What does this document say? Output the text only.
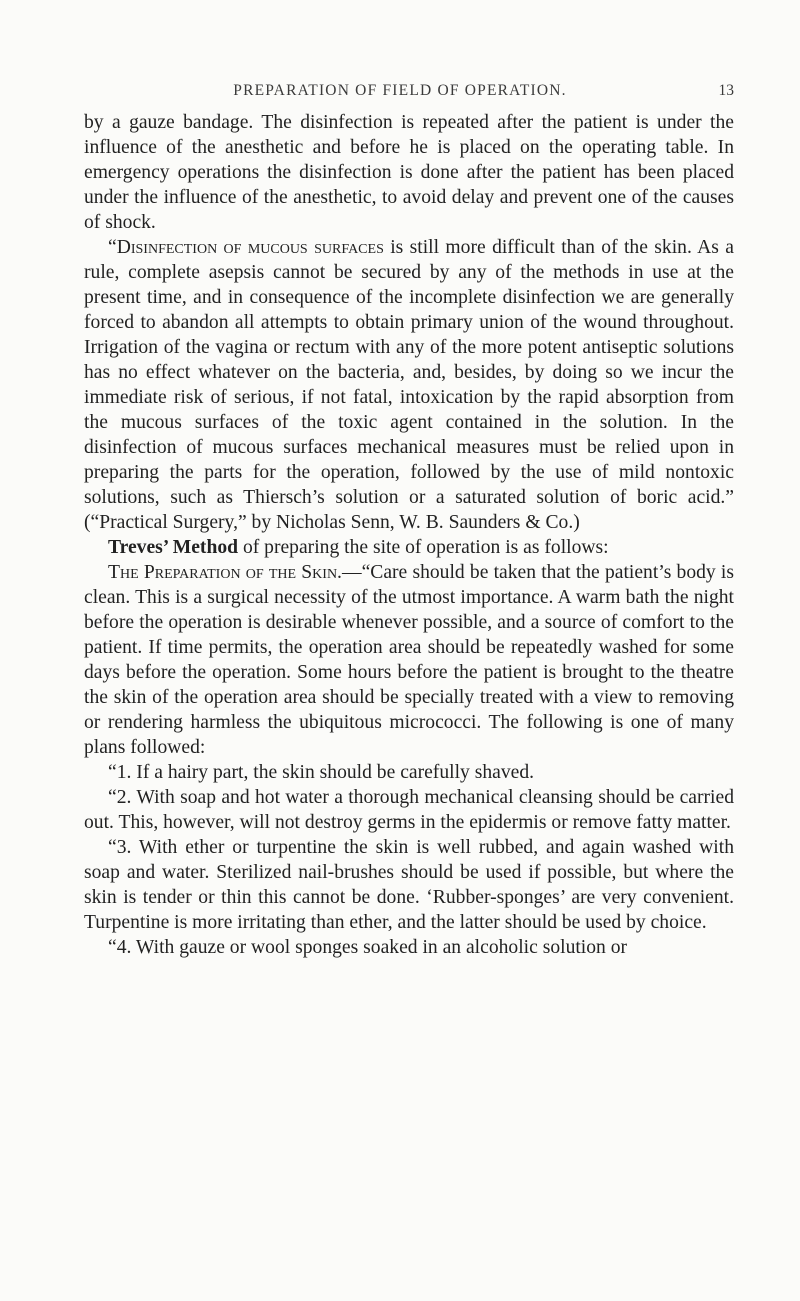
PREPARATION OF FIELD OF OPERATION.	13

by a gauze bandage. The disinfection is repeated after the patient is under the influence of the anesthetic and before he is placed on the operating table. In emergency operations the disinfection is done after the patient has been placed under the influence of the anesthetic, to avoid delay and prevent one of the causes of shock.

“Disinfection of mucous surfaces is still more difficult than of the skin. As a rule, complete asepsis cannot be secured by any of the methods in use at the present time, and in consequence of the incomplete disinfection we are generally forced to abandon all attempts to obtain primary union of the wound throughout. Irrigation of the vagina or rectum with any of the more potent antiseptic solutions has no effect whatever on the bacteria, and, besides, by doing so we incur the immediate risk of serious, if not fatal, intoxication by the rapid absorption from the mucous surfaces of the toxic agent contained in the solution. In the disinfection of mucous surfaces mechanical measures must be relied upon in preparing the parts for the operation, followed by the use of mild nontoxic solutions, such as Thiersch’s solution or a saturated solution of boric acid.” (“Practical Surgery,” by Nicholas Senn, W. B. Saunders & Co.)

Treves’ Method of preparing the site of operation is as follows:

The Preparation of the Skin.—“Care should be taken that the patient’s body is clean. This is a surgical necessity of the utmost importance. A warm bath the night before the operation is desirable whenever possible, and a source of comfort to the patient. If time permits, the operation area should be repeatedly washed for some days before the operation. Some hours before the patient is brought to the theatre the skin of the operation area should be specially treated with a view to removing or rendering harmless the ubiquitous micrococci. The following is one of many plans followed:

“1. If a hairy part, the skin should be carefully shaved.

“2. With soap and hot water a thorough mechanical cleansing should be carried out. This, however, will not destroy germs in the epidermis or remove fatty matter.

“3. With ether or turpentine the skin is well rubbed, and again washed with soap and water. Sterilized nail-brushes should be used if possible, but where the skin is tender or thin this cannot be done. ‘Rubber-sponges’ are very convenient. Turpentine is more irritating than ether, and the latter should be used by choice.

“4. With gauze or wool sponges soaked in an alcoholic solution or
